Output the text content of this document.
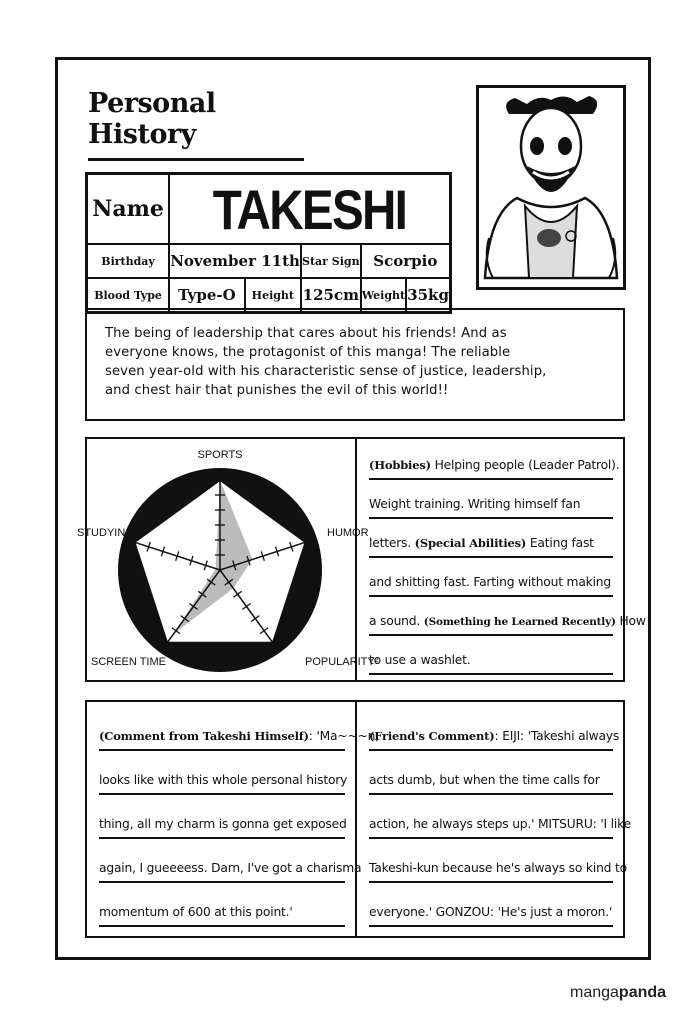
Personal History
Name	TAKESHI				

Birthday	November 11th		Star Sign	Scorpio	
Blood Type	Type-O	Height	125cm	Weight	35kg
The being of leadership that cares about his friends! And as
everyone knows, the protagonist of this manga! The reliable
seven year-old with his characteristic sense of justice, leadership,
and chest hair that punishes the evil of this world!!
SPORTS
HUMOR
POPULARITY²
SCREEN TIME
STUDYING
(Hobbies) Helping people (Leader Patrol).
Weight training. Writing himself fan
letters. (Special Abilities) Eating fast
and shitting fast. Farting without making
a sound. (Something he Learned Recently) How
to use a washlet.
(Comment from Takeshi Himself): 'Ma~~~n,
looks like with this whole personal history
thing, all my charm is gonna get exposed
again, I gueeeess. Darn, I've got a charisma
momentum of 600 at this point.'
(Friend's Comment): EIJI: 'Takeshi always
acts dumb, but when the time calls for
action, he always steps up.' MITSURU: 'I like
Takeshi-kun because he's always so kind to
everyone.' GONZOU: 'He's just a moron.'
mangapanda
